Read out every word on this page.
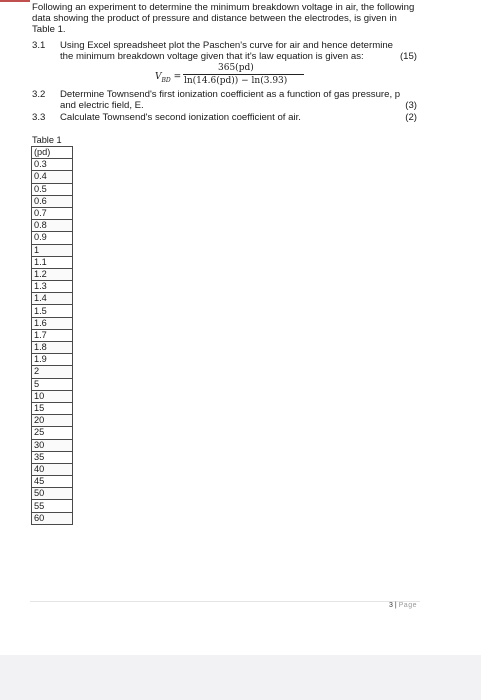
Following an experiment to determine the minimum breakdown voltage in air, the following data showing the product of pressure and distance between the electrodes, is given in Table 1.
3.1 Using Excel spreadsheet plot the Paschen's curve for air and hence determine the minimum breakdown voltage given that it's law equation is given as:	(15)
$V_{BD}$ =
365(pd)
ln(14.6(pd)) − ln(3.93)
3.2 Determine Townsend's first ionization coefficient as a function of gas pressure, p and electric field, E.	(3)
3.3 Calculate Townsend's second ionization coefficient of air.	(2)
Table 1
(pd)
0.3
0.4
0.5
0.6
0.7
0.8
0.9
1
1.1
1.2
1.3
1.4
1.5
1.6
1.7
1.8
1.9
2
5
10
15
20
25
30
35
40
45
50
55
60
3 | Page
